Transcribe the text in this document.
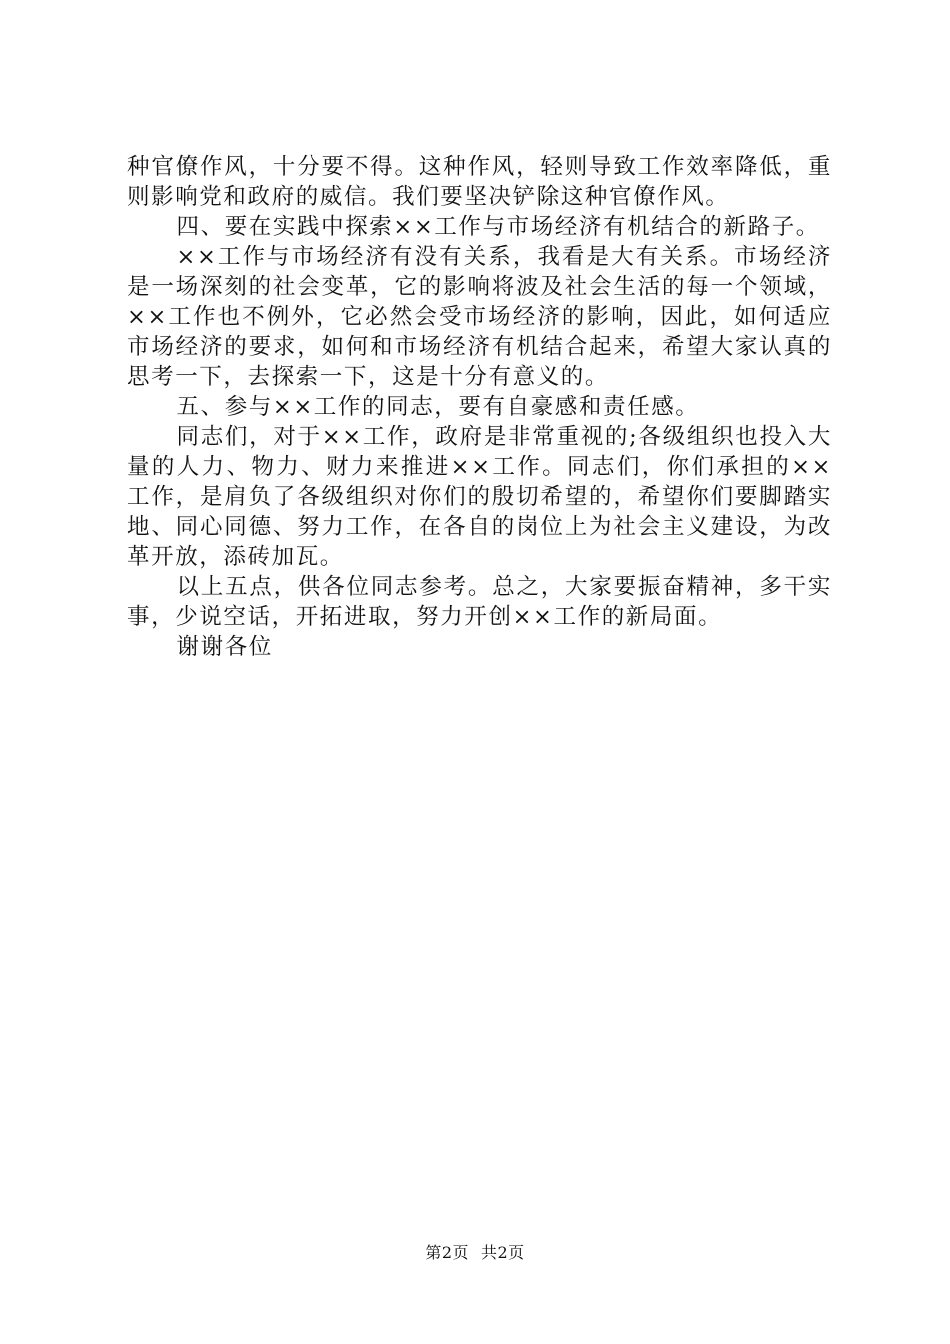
种官僚作风，十分要不得。这种作风，轻则导致工作效率降低，重则影响党和政府的威信。我们要坚决铲除这种官僚作风。

四、要在实践中探索××工作与市场经济有机结合的新路子。

××工作与市场经济有没有关系，我看是大有关系。市场经济是一场深刻的社会变革，它的影响将波及社会生活的每一个领域，××工作也不例外，它必然会受市场经济的影响，因此，如何适应市场经济的要求，如何和市场经济有机结合起来，希望大家认真的思考一下，去探索一下，这是十分有意义的。

五、参与××工作的同志，要有自豪感和责任感。

同志们，对于××工作，政府是非常重视的;各级组织也投入大量的人力、物力、财力来推进××工作。同志们，你们承担的××工作，是肩负了各级组织对你们的殷切希望的，希望你们要脚踏实地、同心同德、努力工作，在各自的岗位上为社会主义建设，为改革开放，添砖加瓦。

以上五点，供各位同志参考。总之，大家要振奋精神，多干实事，少说空话，开拓进取，努力开创××工作的新局面。

谢谢各位

第2页 共2页
